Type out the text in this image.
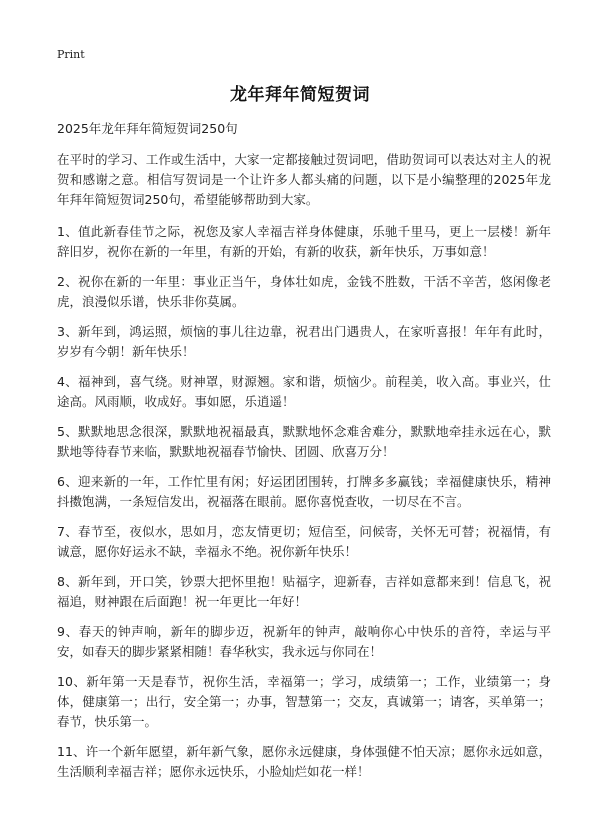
Print
龙年拜年简短贺词
2025年龙年拜年简短贺词250句

在平时的学习、工作或生活中，大家一定都接触过贺词吧，借助贺词可以表达对主人的祝贺和感谢之意。相信写贺词是一个让许多人都头痛的问题，以下是小编整理的2025年龙年拜年简短贺词250句，希望能够帮助到大家。

1、值此新春佳节之际，祝您及家人幸福吉祥身体健康，乐驰千里马，更上一层楼！新年辞旧岁，祝你在新的一年里，有新的开始，有新的收获，新年快乐，万事如意！

2、祝你在新的一年里：事业正当午，身体壮如虎，金钱不胜数，干活不辛苦，悠闲像老虎，浪漫似乐谱，快乐非你莫属。

3、新年到，鸿运照，烦恼的事儿往边靠，祝君出门遇贵人，在家听喜报！年年有此时，岁岁有今朝！新年快乐！

4、福神到，喜气绕。财神罩，财源翘。家和谐，烦恼少。前程美，收入高。事业兴，仕途高。风雨顺，收成好。事如愿，乐逍遥！

5、默默地思念很深，默默地祝福最真，默默地怀念难舍难分，默默地牵挂永远在心，默默地等待春节来临，默默地祝福春节愉快、团圆、欣喜万分！

6、迎来新的一年，工作忙里有闲；好运团团围转，打牌多多赢钱；幸福健康快乐，精神抖擞饱满，一条短信发出，祝福落在眼前。愿你喜悦查收，一切尽在不言。

7、春节至，夜似水，思如月，恋友情更切；短信至，问候寄，关怀无可替；祝福情，有诚意，愿你好运永不缺，幸福永不绝。祝你新年快乐！

8、新年到，开口笑，钞票大把怀里抱！贴福字，迎新春，吉祥如意都来到！信息飞，祝福追，财神跟在后面跑！祝一年更比一年好！

9、春天的钟声响，新年的脚步迈，祝新年的钟声，敲响你心中快乐的音符，幸运与平安，如春天的脚步紧紧相随！春华秋实，我永远与你同在！

10、新年第一天是春节，祝你生活，幸福第一；学习，成绩第一；工作，业绩第一；身体，健康第一；出行，安全第一；办事，智慧第一；交友，真诚第一；请客，买单第一；春节，快乐第一。

11、许一个新年愿望，新年新气象，愿你永远健康，身体强健不怕天凉；愿你永远如意，生活顺利幸福吉祥；愿你永远快乐，小脸灿烂如花一样！
